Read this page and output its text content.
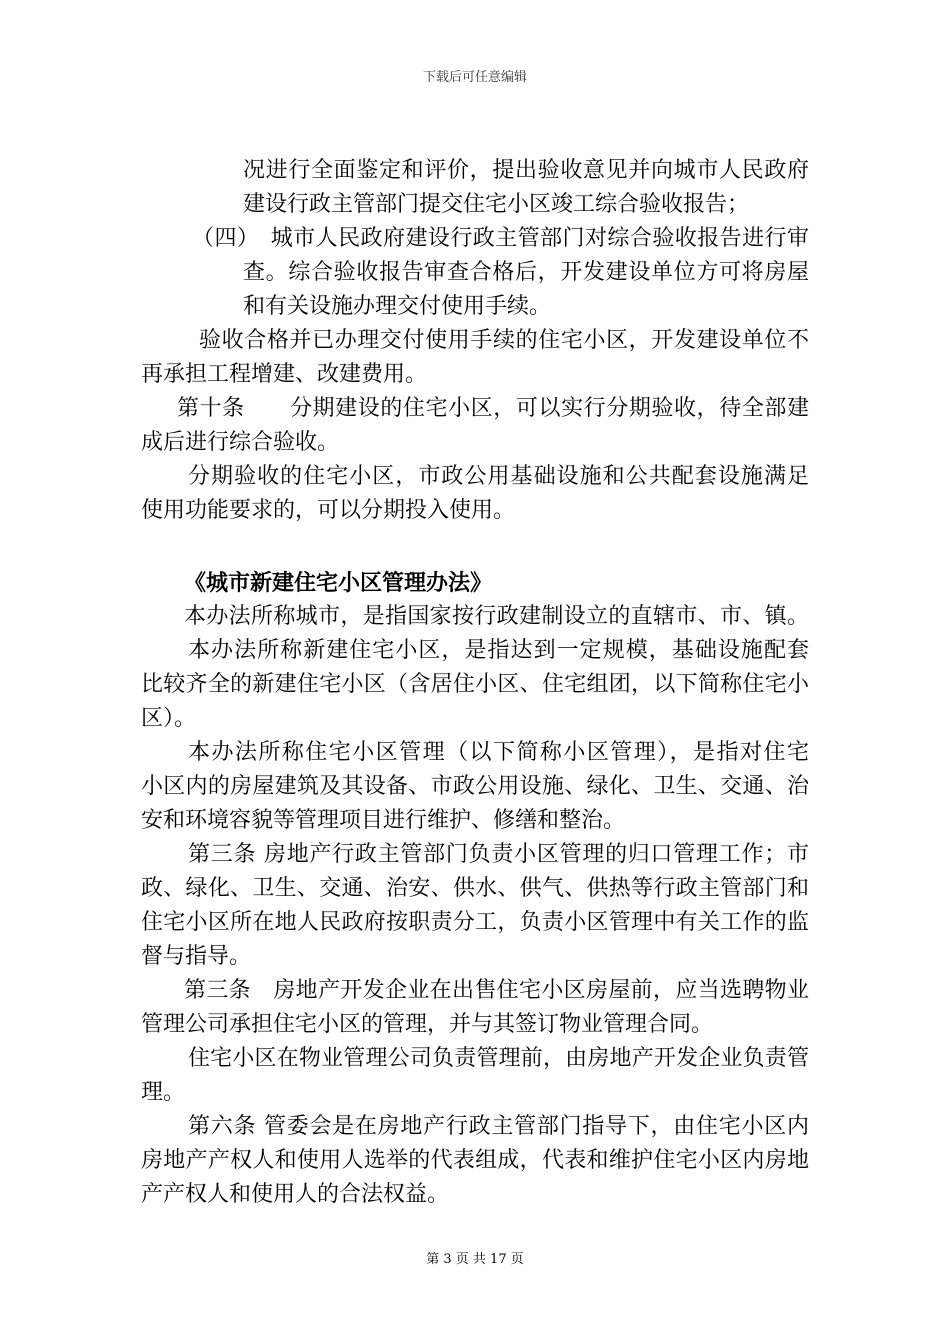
下载后可任意编辑
况进行全面鉴定和评价，提出验收意见并向城市人民政府
建设行政主管部门提交住宅小区竣工综合验收报告；
（四）　城市人民政府建设行政主管部门对综合验收报告进行审
查。综合验收报告审查合格后，开发建设单位方可将房屋
和有关设施办理交付使用手续。
验收合格并已办理交付使用手续的住宅小区，开发建设单位不
再承担工程增建、改建费用。
第十条　　分期建设的住宅小区，可以实行分期验收，待全部建
成后进行综合验收。
分期验收的住宅小区，市政公用基础设施和公共配套设施满足
使用功能要求的，可以分期投入使用。
《城市新建住宅小区管理办法》
本办法所称城市，是指国家按行政建制设立的直辖市、市、镇。
本办法所称新建住宅小区，是指达到一定规模，基础设施配套
比较齐全的新建住宅小区（含居住小区、住宅组团，以下简称住宅小
区）。
本办法所称住宅小区管理（以下简称小区管理），是指对住宅
小区内的房屋建筑及其设备、市政公用设施、绿化、卫生、交通、治
安和环境容貌等管理项目进行维护、修缮和整治。
第三条 房地产行政主管部门负责小区管理的归口管理工作；市
政、绿化、卫生、交通、治安、供水、供气、供热等行政主管部门和
住宅小区所在地人民政府按职责分工，负责小区管理中有关工作的监
督与指导。
第三条　房地产开发企业在出售住宅小区房屋前，应当选聘物业
管理公司承担住宅小区的管理，并与其签订物业管理合同。
住宅小区在物业管理公司负责管理前，由房地产开发企业负责管
理。
第六条 管委会是在房地产行政主管部门指导下，由住宅小区内
房地产产权人和使用人选举的代表组成，代表和维护住宅小区内房地
产产权人和使用人的合法权益。
第 3 页 共 17 页
